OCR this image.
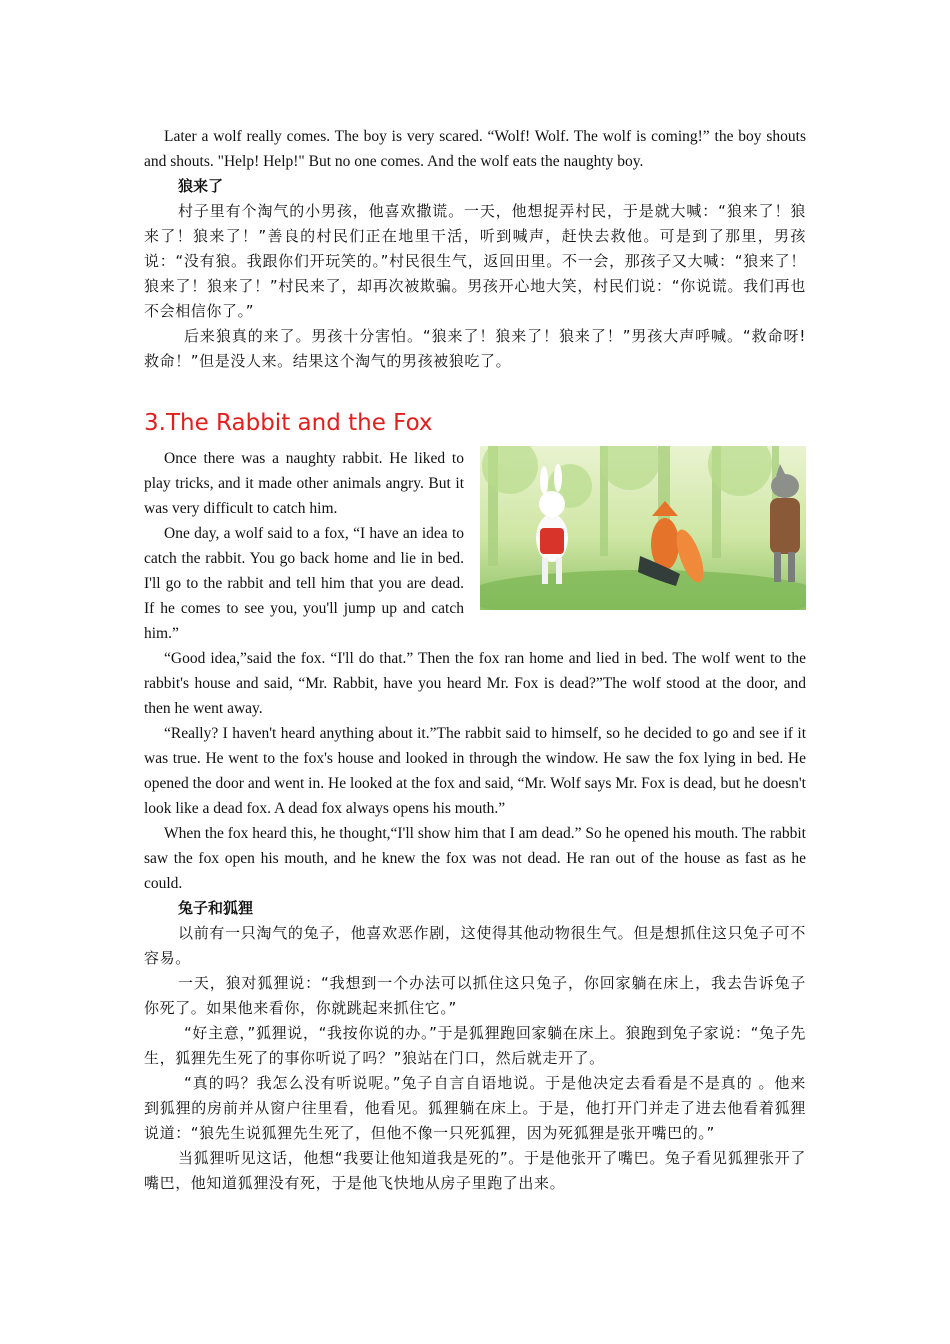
Later a wolf really comes. The boy is very scared. “Wolf! Wolf. The wolf is coming!” the boy shouts and shouts. "Help! Help!" But no one comes. And the wolf eats the naughty boy.

狼来了

村子里有个淘气的小男孩，他喜欢撒谎。一天，他想捉弄村民，于是就大喊：“狼来了！狼来了！狼来了！”善良的村民们正在地里干活，听到喊声，赶快去救他。可是到了那里，男孩说：“没有狼。我跟你们开玩笑的。”村民很生气，返回田里。不一会，那孩子又大喊：“狼来了！狼来了！狼来了！”村民来了，却再次被欺骗。男孩开心地大笑，村民们说：“你说谎。我们再也不会相信你了。”

后来狼真的来了。男孩十分害怕。“狼来了！狼来了！狼来了！”男孩大声呼喊。“救命呀!救命！”但是没人来。结果这个淘气的男孩被狼吃了。

3.The Rabbit and the Fox

Once there was a naughty rabbit. He liked to play tricks, and it made other animals angry. But it was very difficult to catch him.

One day, a wolf said to a fox, “I have an idea to catch the rabbit. You go back home and lie in bed. I'll go to the rabbit and tell him that you are dead. If he comes to see you, you'll jump up and catch him.”

“Good idea,”said the fox. “I'll do that.” Then the fox ran home and lied in bed. The wolf went to the rabbit's house and said, “Mr. Rabbit, have you heard Mr. Fox is dead?”The wolf stood at the door, and then he went away.

“Really? I haven't heard anything about it.”The rabbit said to himself, so he decided to go and see if it was true. He went to the fox's house and looked in through the window. He saw the fox lying in bed. He opened the door and went in. He looked at the fox and said, “Mr. Wolf says Mr. Fox is dead, but he doesn't look like a dead fox. A dead fox always opens his mouth.”

When the fox heard this, he thought,“I'll show him that I am dead.” So he opened his mouth. The rabbit saw the fox open his mouth, and he knew the fox was not dead. He ran out of the house as fast as he could.

兔子和狐狸

以前有一只淘气的兔子，他喜欢恶作剧，这使得其他动物很生气。但是想抓住这只兔子可不容易。

一天，狼对狐狸说：“我想到一个办法可以抓住这只兔子，你回家躺在床上，我去告诉兔子你死了。如果他来看你，你就跳起来抓住它。”

“好主意，”狐狸说，“我按你说的办。”于是狐狸跑回家躺在床上。狼跑到兔子家说：“兔子先生，狐狸先生死了的事你听说了吗？”狼站在门口，然后就走开了。

“真的吗？我怎么没有听说呢。”兔子自言自语地说。于是他决定去看看是不是真的 。他来到狐狸的房前并从窗户往里看，他看见。狐狸躺在床上。于是，他打开门并走了进去他看着狐狸说道：“狼先生说狐狸先生死了，但他不像一只死狐狸，因为死狐狸是张开嘴巴的。”

当狐狸听见这话，他想“我要让他知道我是死的”。于是他张开了嘴巴。兔子看见狐狸张开了嘴巴，他知道狐狸没有死，于是他飞快地从房子里跑了出来。
